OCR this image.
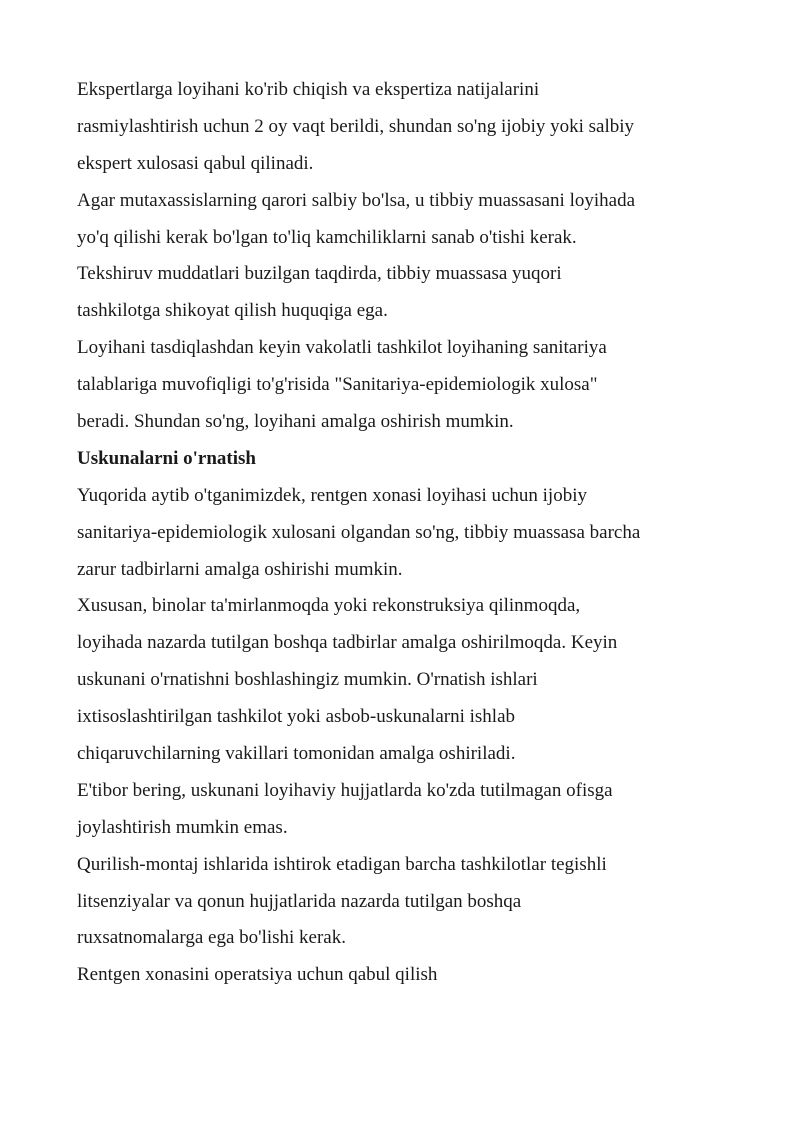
Ekspertlarga loyihani ko'rib chiqish va ekspertiza natijalarini
rasmiylashtirish uchun 2 oy vaqt berildi, shundan so'ng ijobiy yoki salbiy
ekspert xulosasi qabul qilinadi.
Agar mutaxassislarning qarori salbiy bo'lsa, u tibbiy muassasani loyihada
yo'q qilishi kerak bo'lgan to'liq kamchiliklarni sanab o'tishi kerak.
Tekshiruv muddatlari buzilgan taqdirda, tibbiy muassasa yuqori
tashkilotga shikoyat qilish huquqiga ega.
Loyihani tasdiqlashdan keyin vakolatli tashkilot loyihaning sanitariya
talablariga muvofiqligi to'g'risida "Sanitariya-epidemiologik xulosa"
beradi. Shundan so'ng, loyihani amalga oshirish mumkin.
Uskunalarni o'rnatish
Yuqorida aytib o'tganimizdek, rentgen xonasi loyihasi uchun ijobiy
sanitariya-epidemiologik xulosani olgandan so'ng, tibbiy muassasa barcha
zarur tadbirlarni amalga oshirishi mumkin.
Xususan, binolar ta'mirlanmoqda yoki rekonstruksiya qilinmoqda,
loyihada nazarda tutilgan boshqa tadbirlar amalga oshirilmoqda. Keyin
uskunani o'rnatishni boshlashingiz mumkin. O'rnatish ishlari
ixtisoslashtirilgan tashkilot yoki asbob-uskunalarni ishlab
chiqaruvchilarning vakillari tomonidan amalga oshiriladi.
E'tibor bering, uskunani loyihaviy hujjatlarda ko'zda tutilmagan ofisga
joylashtirish mumkin emas.
Qurilish-montaj ishlarida ishtirok etadigan barcha tashkilotlar tegishli
litsenziyalar va qonun hujjatlarida nazarda tutilgan boshqa
ruxsatnomalarga ega bo'lishi kerak.
Rentgen xonasini operatsiya uchun qabul qilish
